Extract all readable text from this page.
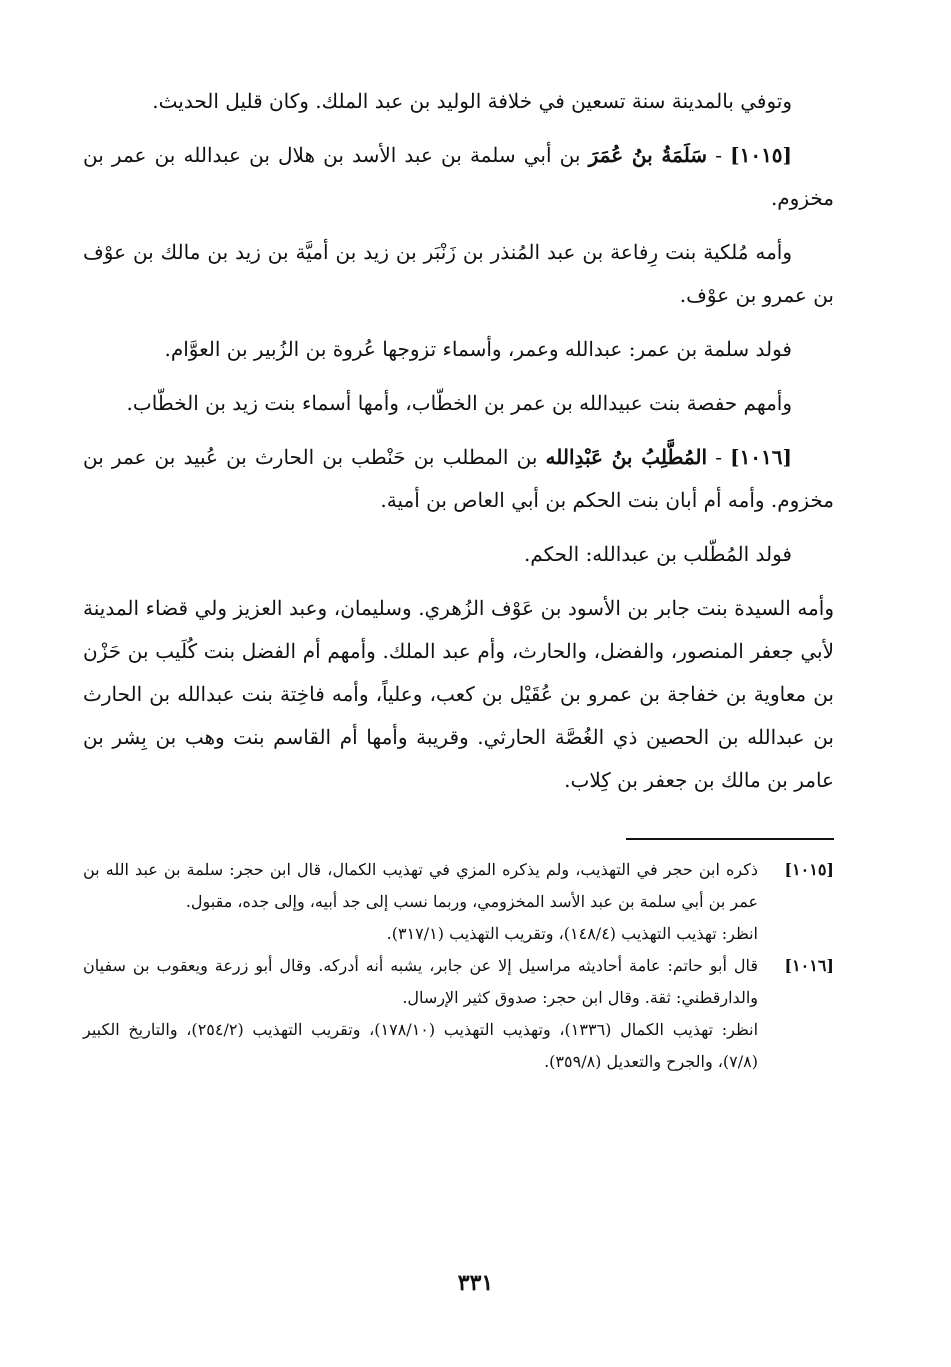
وتوفي بالمدينة سنة تسعين في خلافة الوليد بن عبد الملك. وكان قليل الحديث.

[١٠١٥] - سَلَمَةُ بنُ عُمَرَ بن أبي سلمة بن عبد الأسد بن هلال بن عبدالله بن عمر بن مخزوم.

وأمه مُلكية بنت رِفاعة بن عبد المُنذر بن زَنْبَر بن زيد بن أميَّة بن زيد بن مالك بن عوْف بن عمرو بن عوْف.

فولد سلمة بن عمر: عبدالله وعمر، وأسماء تزوجها عُروة بن الزُبير بن العوَّام.

وأمهم حفصة بنت عبيدالله بن عمر بن الخطّاب، وأمها أسماء بنت زيد بن الخطّاب.

[١٠١٦] - المُطَّلِبُ بنُ عَبْدِالله بن المطلب بن حَنْطب بن الحارث بن عُبيد بن عمر بن مخزوم. وأمه أم أبان بنت الحكم بن أبي العاص بن أمية.

فولد المُطّلب بن عبدالله: الحكم.

وأمه السيدة بنت جابر بن الأسود بن عَوْف الزُهري. وسليمان، وعبد العزيز ولي قضاء المدينة لأبي جعفر المنصور، والفضل، والحارث، وأم عبد الملك. وأمهم أم الفضل بنت كُلَيب بن حَزْن بن معاوية بن خفاجة بن عمرو بن عُقَيْل بن كعب، وعلياً، وأمه فاخِتة بنت عبدالله بن الحارث بن عبدالله بن الحصين ذي الغُصَّة الحارثي. وقريبة وأمها أم القاسم بنت وهب بن بِشر بن عامر بن مالك بن جعفر بن كِلاب.

[١٠١٥]

ذكره ابن حجر في التهذيب، ولم يذكره المزي في تهذيب الكمال، قال ابن حجر: سلمة بن عبد الله بن عمر بن أبي سلمة بن عبد الأسد المخزومي، وربما نسب إلى جد أبيه، وإلى جده، مقبول.

انظر: تهذيب التهذيب (١٤٨/٤)، وتقريب التهذيب (٣١٧/١).

[١٠١٦]

قال أبو حاتم: عامة أحاديثه مراسيل إلا عن جابر، يشبه أنه أدركه. وقال أبو زرعة ويعقوب بن سفيان والدارقطني: ثقة. وقال ابن حجر: صدوق كثير الإرسال.

انظر: تهذيب الكمال (١٣٣٦)، وتهذيب التهذيب (١٧٨/١٠)، وتقريب التهذيب (٢٥٤/٢)، والتاريخ الكبير (٧/٨)، والجرح والتعديل (٣٥٩/٨).

٣٣١
